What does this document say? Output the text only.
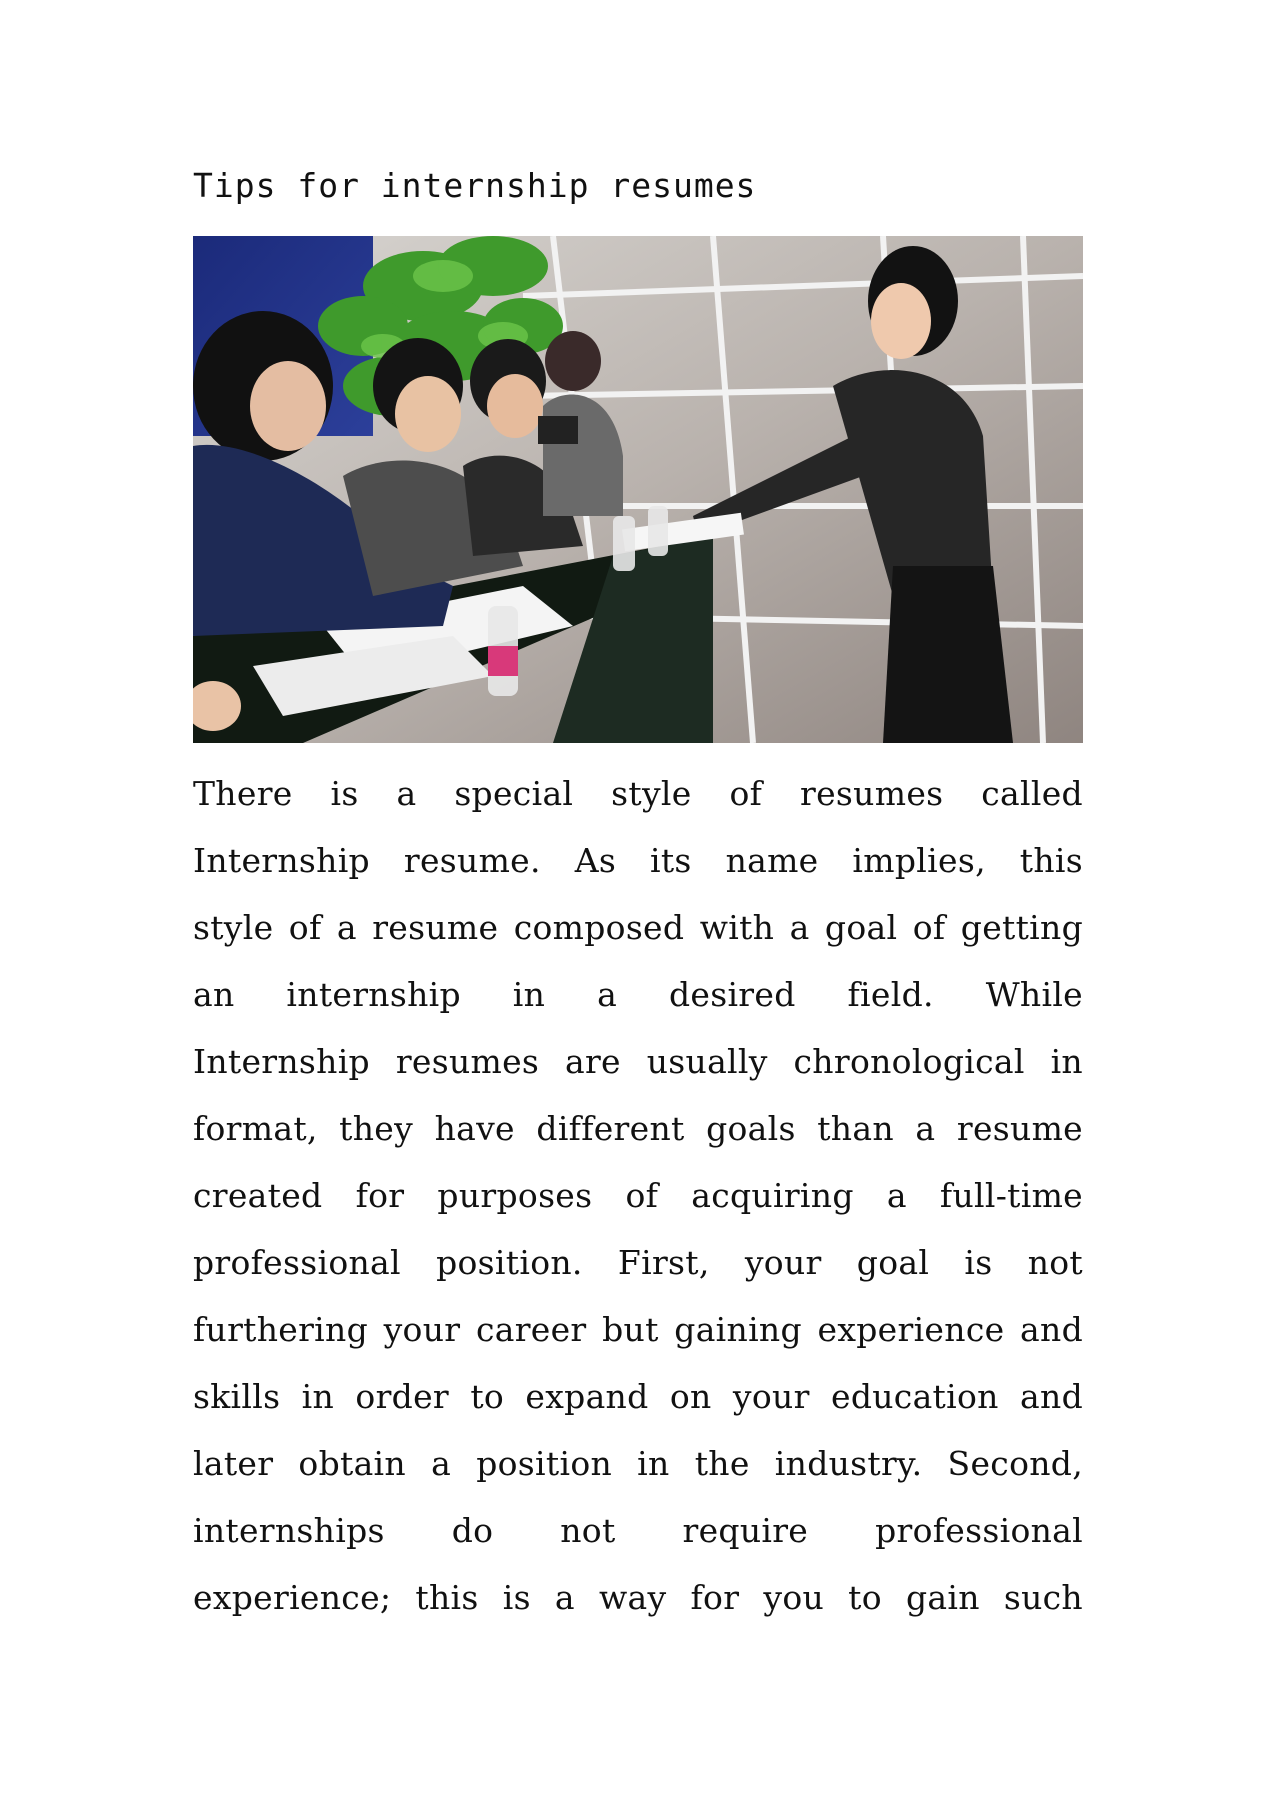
Tips for internship resumes
There is a special style of resumes called
Internship resume. As its name implies, this
style of a resume composed with a goal of getting
an internship in a desired field. While
Internship resumes are usually chronological in
format, they have different goals than a resume
created for purposes of acquiring a full-time
professional position. First, your goal is not
furthering your career but gaining experience and
skills in order to expand on your education and
later obtain a position in the industry. Second,
internships do not require professional
experience; this is a way for you to gain such
